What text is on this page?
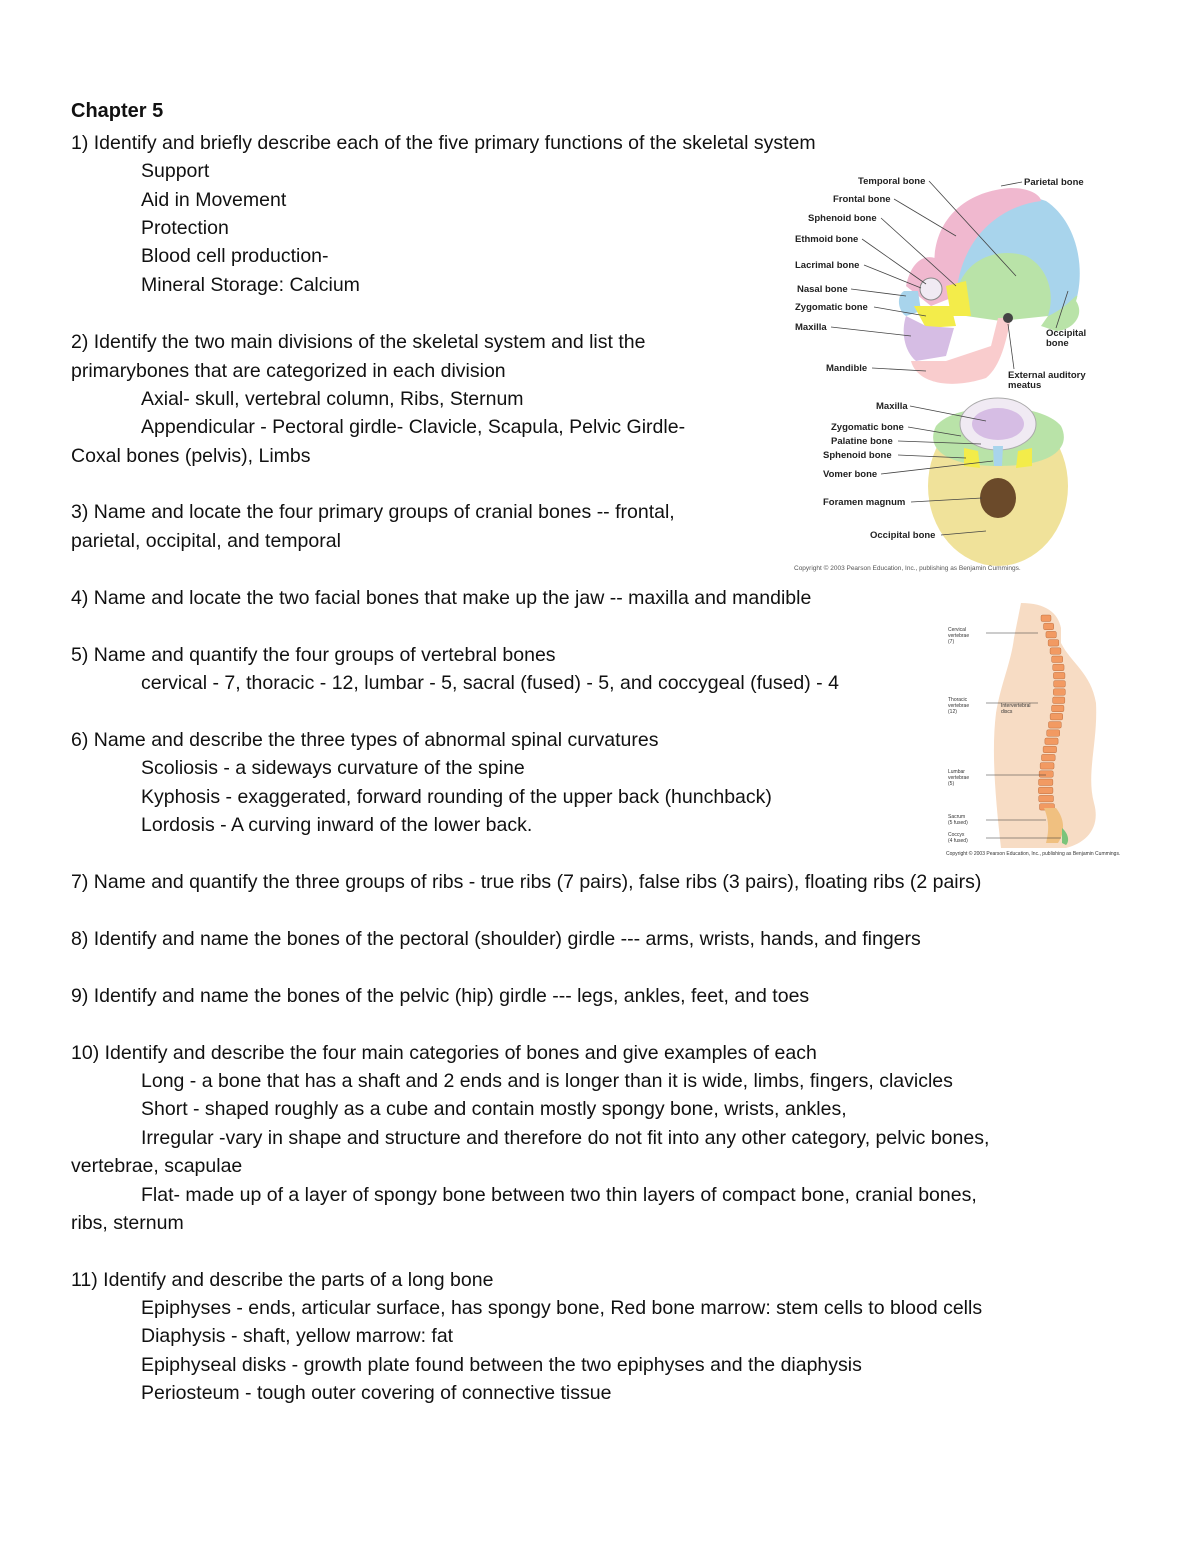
Chapter 5
1) Identify and briefly describe each of the five primary functions of the skeletal system
Support
Aid in Movement
Protection
Blood cell production-
Mineral Storage: Calcium
2) Identify the two main divisions of the skeletal system and list the
primarybones that are categorized in each division
Axial- skull, vertebral column, Ribs, Sternum
Appendicular - Pectoral girdle- Clavicle, Scapula, Pelvic Girdle-
Coxal bones (pelvis), Limbs
3) Name and locate the four primary groups of cranial bones -- frontal,
parietal, occipital, and temporal
4) Name and locate the two facial bones that make up the jaw -- maxilla and mandible
5) Name and quantify the four groups of vertebral bones
cervical - 7, thoracic - 12, lumbar - 5, sacral (fused) - 5, and coccygeal (fused) - 4
6) Name and describe the three types of abnormal spinal curvatures
Scoliosis - a sideways curvature of the spine
Kyphosis - exaggerated, forward rounding of the upper back (hunchback)
Lordosis - A curving inward of the lower back.
7) Name and quantify the three groups of ribs - true ribs (7 pairs), false ribs (3 pairs), floating ribs (2 pairs)
8) Identify and name the bones of the pectoral (shoulder) girdle --- arms, wrists, hands, and fingers
9) Identify and name the bones of the pelvic (hip) girdle --- legs, ankles, feet, and toes
10) Identify and describe the four main categories of bones and give examples of each
Long - a bone that has a shaft and 2 ends and is longer than it is wide, limbs, fingers, clavicles
Short - shaped roughly as a cube and contain mostly spongy bone, wrists, ankles,
Irregular -vary in shape and structure and therefore do not fit into any other category, pelvic bones,
vertebrae, scapulae
Flat- made up of a layer of spongy bone between two thin layers of compact bone, cranial bones,
ribs, sternum
11) Identify and describe the parts of a long bone
Epiphyses - ends, articular surface, has spongy bone, Red bone marrow: stem cells to blood cells
Diaphysis - shaft, yellow marrow: fat
Epiphyseal disks - growth plate found between the two epiphyses and the diaphysis
Periosteum - tough outer covering of connective tissue
Temporal bone
Frontal bone
Sphenoid bone
Ethmoid bone
Lacrimal bone
Nasal bone
Zygomatic bone
Maxilla
Mandible
Parietal bone
Occipital
bone
External auditory
meatus
Maxilla
Zygomatic bone
Palatine bone
Sphenoid bone
Vomer bone
Foramen magnum
Occipital bone
Copyright © 2003 Pearson Education, Inc., publishing as Benjamin Cummings.
Cervical
vertebrae
(7)
Thoracic
vertebrae
(12)
Intervertebral
discs
Lumbar
vertebrae
(5)
Sacrum
(5 fused)
Coccyx
(4 fused)
Copyright © 2003 Pearson Education, Inc., publishing as Benjamin Cummings.
